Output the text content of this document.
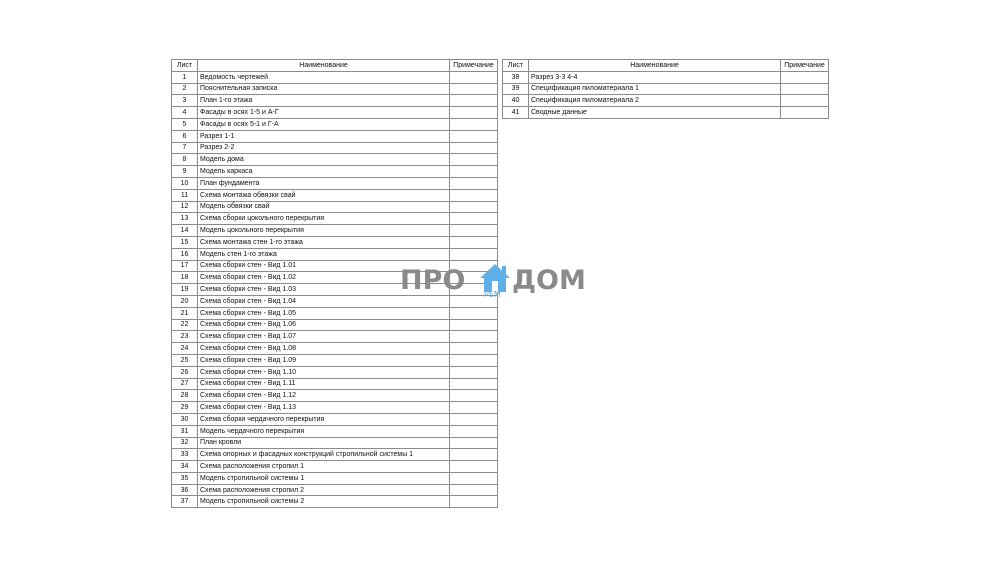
Лист	Наименование	Примечание
1	Ведомость чертежей	
2	Пояснительная записка	
3	План 1-го этажа	
4	Фасады в осях 1-5 и А-Г	
5	Фасады в осях 5-1 и Г-А	
6	Разрез 1-1	
7	Разрез 2-2	
8	Модель дома	
9	Модель каркаса	
10	План фундамента	
11	Схема монтажа обвязки свай	
12	Модель обвязки свай	
13	Схема сборки цокольного перекрытия	
14	Модель цокольного перекрытия	
15	Схема монтажа стен 1-го этажа	
16	Модель стен 1-го этажа	
17	Схема сборки стен - Вид 1.01	
18	Схема сборки стен - Вид 1.02	
19	Схема сборки стен - Вид 1.03	
20	Схема сборки стен - Вид 1.04	
21	Схема сборки стен - Вид 1.05	
22	Схема сборки стен - Вид 1.06	
23	Схема сборки стен - Вид 1.07	
24	Схема сборки стен - Вид 1.08	
25	Схема сборки стен - Вид 1.09	
26	Схема сборки стен - Вид 1.10	
27	Схема сборки стен - Вид 1.11	
28	Схема сборки стен - Вид 1.12	
29	Схема сборки стен - Вид 1.13	
30	Схема сборки чердачного перекрытия	
31	Модель чердачного перекрытия	
32	План кровли	
33	Схема опорных и фасадных конструкций стропильной системы 1	
34	Схема расположения стропил 1	
35	Модель стропильной системы 1	
36	Схема расположения стропил 2	
37	Модель стропильной системы 2	
Лист	Наименование	Примечание
38	Разрез 3-3 4-4	
39	Спецификация пиломатериала 1	
40	Спецификация пиломатериала 2	
41	Сводные данные	
ПРО РЕМ ДОМ
